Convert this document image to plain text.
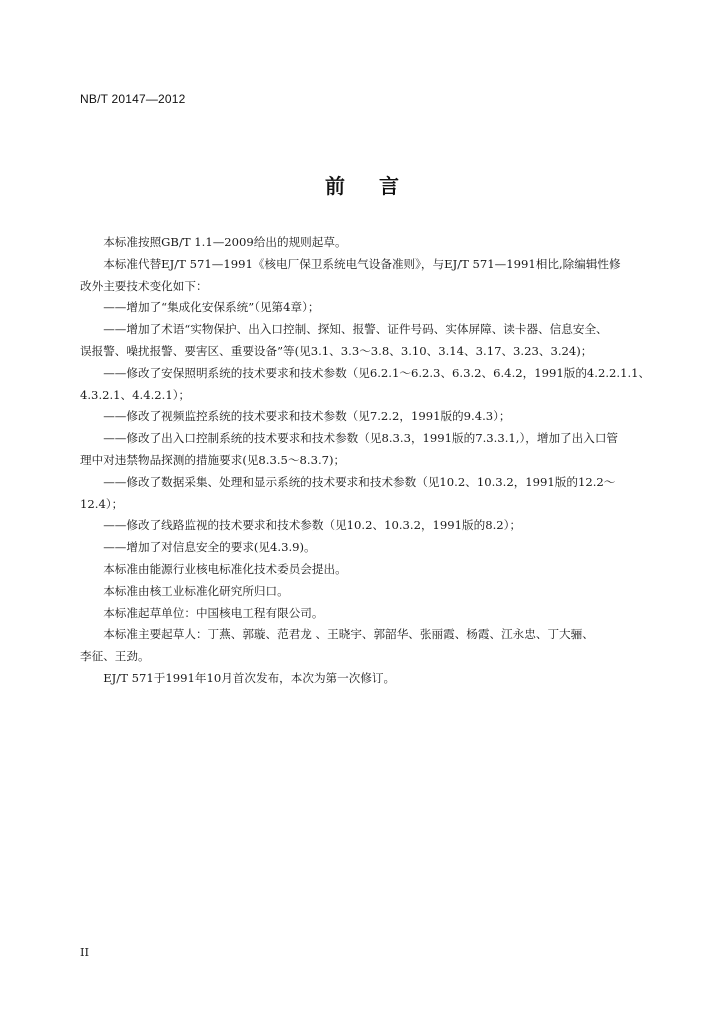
NB/T 20147—2012
前言
　　本标准按照GB/T 1.1—2009给出的规则起草。
　　本标准代替EJ/T 571—1991《核电厂保卫系统电气设备准则》，与EJ/T 571—1991相比,除编辑性修
改外主要技术变化如下：
　　——增加了“集成化安保系统”（见第4章）；
　　——增加了术语“实物保护、出入口控制、探知、报警、证件号码、实体屏障、读卡器、信息安全、
误报警、噪扰报警、要害区、重要设备”等(见3.1、3.3～3.8、3.10、3.14、3.17、3.23、3.24)；
　　——修改了安保照明系统的技术要求和技术参数（见6.2.1～6.2.3、6.3.2、6.4.2，1991版的4.2.2.1.1、
4.3.2.1、4.4.2.1）；
　　——修改了视频监控系统的技术要求和技术参数（见7.2.2，1991版的9.4.3）；
　　——修改了出入口控制系统的技术要求和技术参数（见8.3.3，1991版的7.3.3.1,），增加了出入口管
理中对违禁物品探测的措施要求(见8.3.5～8.3.7)；
　　——修改了数据采集、处理和显示系统的技术要求和技术参数（见10.2、10.3.2，1991版的12.2～
12.4）；
　　——修改了线路监视的技术要求和技术参数（见10.2、10.3.2，1991版的8.2）；
　　——增加了对信息安全的要求(见4.3.9)。
　　本标准由能源行业核电标准化技术委员会提出。
　　本标准由核工业标准化研究所归口。
　　本标准起草单位：中国核电工程有限公司。
　　本标准主要起草人：丁燕、郭璇、范君龙 、王晓宇、郭韶华、张丽霞、杨霞、江永忠、丁大骊、
李征、王劲。
　　EJ/T 571于1991年10月首次发布，本次为第一次修订。
II
